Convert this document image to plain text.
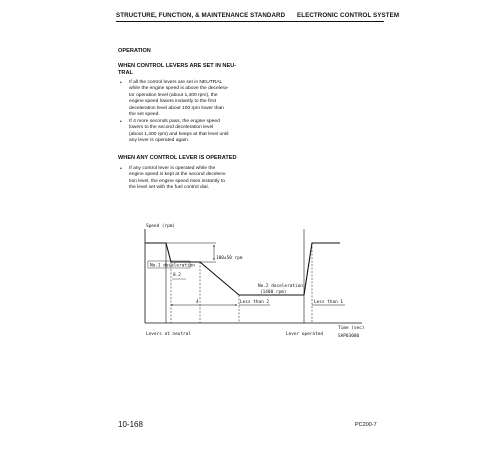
STRUCTURE, FUNCTION, & MAINTENANCE STANDARD ELECTRONIC CONTROL SYSTEM
OPERATION
WHEN CONTROL LEVERS ARE SET IN NEU-
TRAL
• If all the control levers are set in NEUTRAL
while the engine speed is above the decelera-
tor operation level (about 1,400 rpm), the
engine speed lowers instantly to the first
deceleration level about 100 rpm lower than
the set speed.
• If 4 more seconds pass, the engine speed
lowers to the second deceleration level
(about 1,400 rpm) and keeps at that level until
any lever is operated again.
WHEN ANY CONTROL LEVER IS OPERATED
• If any control lever is operated while the
engine speed is kept at the second decelera-
tion level, the engine speed rises instantly to
the level set with the fuel control dial.
Speed (rpm)
100±50 rpm
No.1 deceleration
0.2
No.2 deceleration
(1400 rpm)
4	Less than 2	Less than 1
Time (sec)
Levers at neutral	Lever operated	SAP03080
10-168	PC200-7
